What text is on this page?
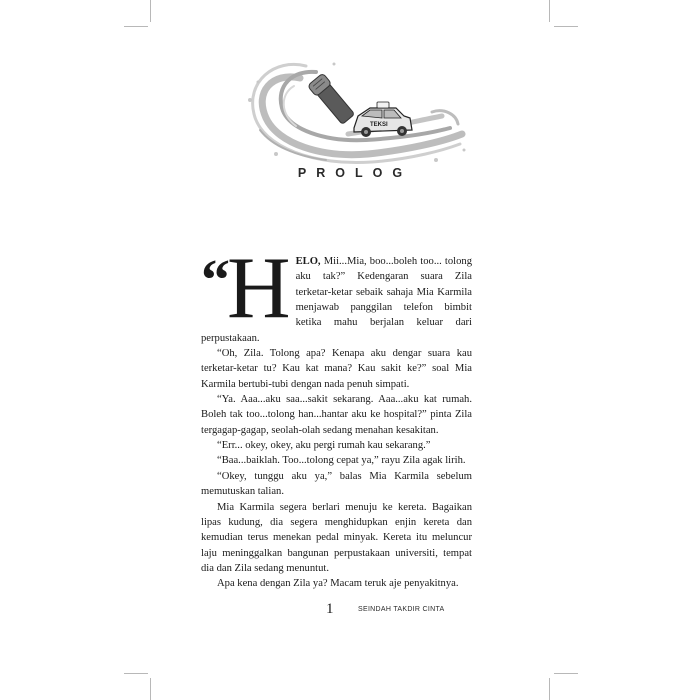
TEKSI
PROLOG

“ H ELO, Mii...Mia, boo...boleh too... tolong aku tak?” Kedengaran suara Zila terketar-ketar sebaik sahaja Mia Karmila menjawab panggilan telefon bimbit ketika mahu berjalan keluar dari perpustakaan.

“Oh, Zila. Tolong apa? Kenapa aku dengar suara kau terketar-ketar tu? Kau kat mana? Kau sakit ke?” soal Mia Karmila bertubi-tubi dengan nada penuh simpati.

“Ya. Aaa...aku saa...sakit sekarang. Aaa...aku kat rumah. Boleh tak too...tolong han...hantar aku ke hospital?” pinta Zila tergagap-gagap, seolah-olah sedang menahan kesakitan.

“Err... okey, okey, aku pergi rumah kau sekarang.”

“Baa...baiklah. Too...tolong cepat ya,” rayu Zila agak lirih.

“Okey, tunggu aku ya,” balas Mia Karmila sebelum memutuskan talian.

Mia Karmila segera berlari menuju ke kereta. Bagaikan lipas kudung, dia segera menghidupkan enjin kereta dan kemudian terus menekan pedal minyak. Kereta itu meluncur laju meninggalkan bangunan perpustakaan universiti, tempat dia dan Zila sedang menuntut.

Apa kena dengan Zila ya? Macam teruk aje penyakitnya.

1	SEINDAH TAKDIR CINTA
